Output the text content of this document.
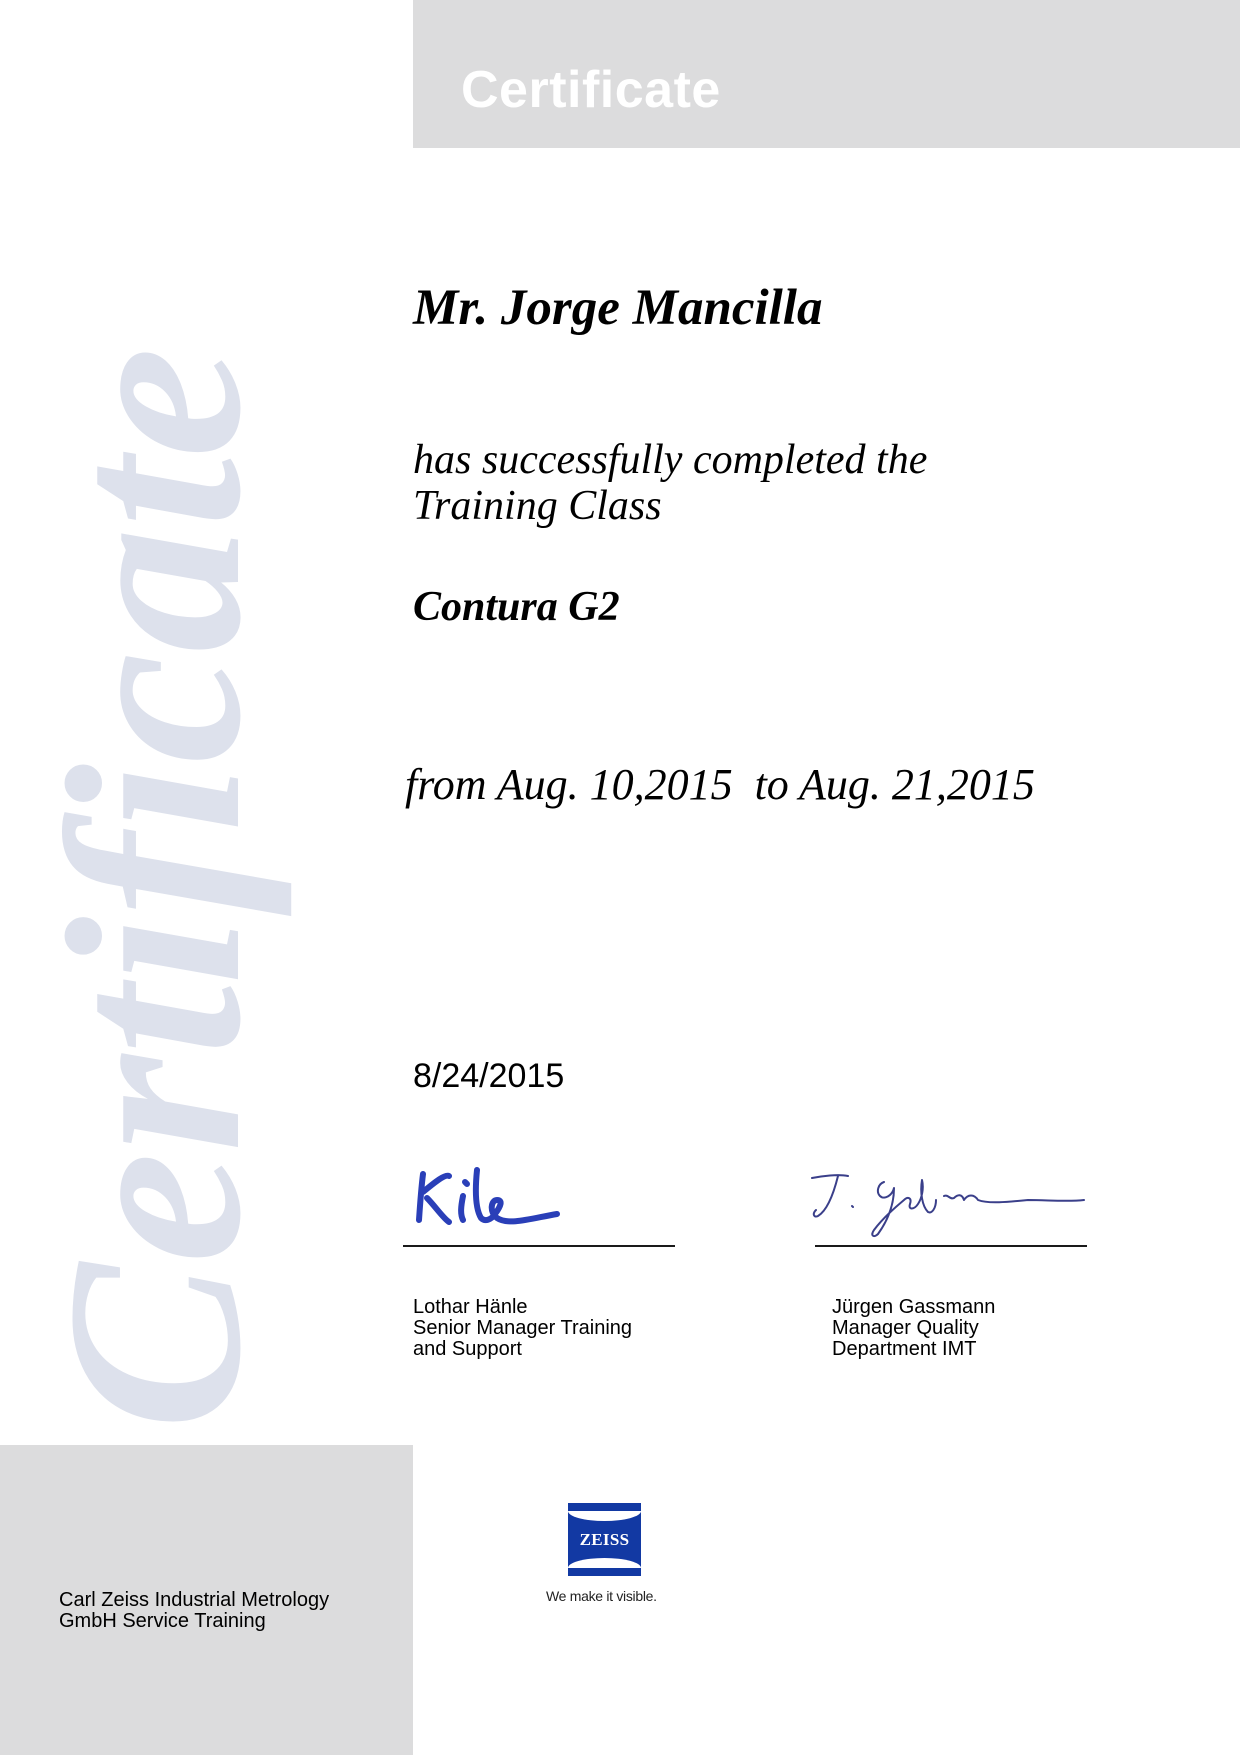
Certificate
Certificate
Mr. Jorge Mancilla
has successfully completed the
Training Class
Contura G2
from Aug. 10,2015  to Aug. 21,2015
8/24/2015
Lothar Hänle
Senior Manager Training
and Support
Jürgen Gassmann
Manager Quality
Department IMT
Carl Zeiss Industrial Metrology
GmbH Service Training
ZEISS
We make it visible.
